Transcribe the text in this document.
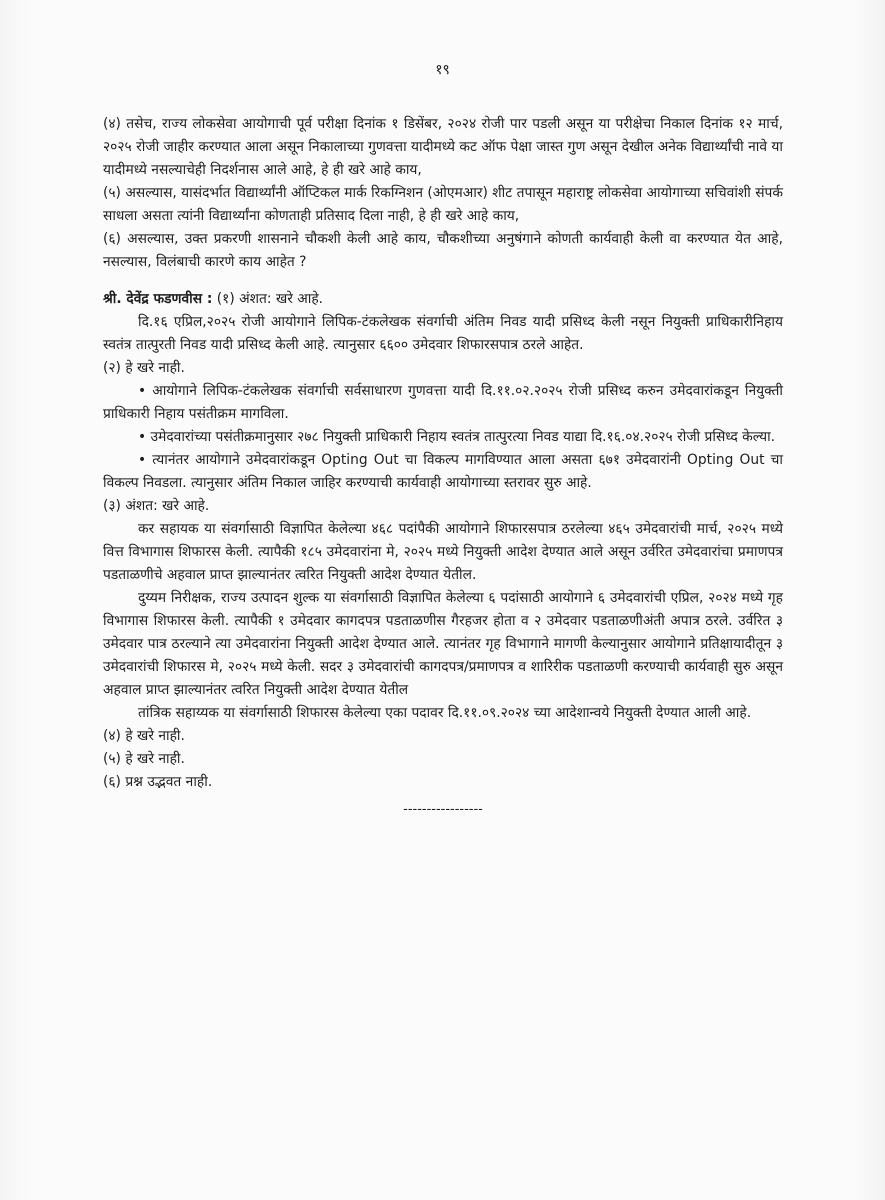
१९

(४) तसेच, राज्य लोकसेवा आयोगाची पूर्व परीक्षा दिनांक १ डिसेंबर, २०२४ रोजी पार पडली असून या परीक्षेचा निकाल दिनांक १२ मार्च, २०२५ रोजी जाहीर करण्यात आला असून निकालाच्या गुणवत्ता यादीमध्ये कट ऑफ पेक्षा जास्त गुण असून देखील अनेक विद्यार्थ्यांची नावे या यादीमध्ये नसल्याचेही निदर्शनास आले आहे, हे ही खरे आहे काय,

(५) असल्यास, यासंदर्भात विद्यार्थ्यांनी ऑप्टिकल मार्क रिकग्निशन (ओएमआर) शीट तपासून महाराष्ट्र लोकसेवा आयोगाच्या सचिवांशी संपर्क साधला असता त्यांनी विद्यार्थ्यांना कोणताही प्रतिसाद दिला नाही, हे ही खरे आहे काय,

(६) असल्यास, उक्त प्रकरणी शासनाने चौकशी केली आहे काय, चौकशीच्या अनुषंगाने कोणती कार्यवाही केली वा करण्यात येत आहे, नसल्यास, विलंबाची कारणे काय आहेत ?

श्री. देवेंद्र फडणवीस : (१) अंशत: खरे आहे.

दि.१६ एप्रिल,२०२५ रोजी आयोगाने लिपिक-टंकलेखक संवर्गाची अंतिम निवड यादी प्रसिध्द केली नसून नियुक्ती प्राधिकारीनिहाय स्वतंत्र तात्पुरती निवड यादी प्रसिध्द केली आहे. त्यानुसार ६६०० उमेदवार शिफारसपात्र ठरले आहेत.

(२) हे खरे नाही.

• आयोगाने लिपिक-टंकलेखक संवर्गाची सर्वसाधारण गुणवत्ता यादी दि.११.०२.२०२५ रोजी प्रसिध्द करुन उमेदवारांकडून नियुक्ती प्राधिकारी निहाय पसंतीक्रम मागविला.

• उमेदवारांच्या पसंतीक्रमानुसार २७८ नियुक्ती प्राधिकारी निहाय स्वतंत्र तात्पुरत्या निवड याद्या दि.१६.०४.२०२५ रोजी प्रसिध्द केल्या.

• त्यानंतर आयोगाने उमेदवारांकडून Opting Out चा विकल्प मागविण्यात आला असता ६७१ उमेदवारांनी Opting Out चा विकल्प निवडला. त्यानुसार अंतिम निकाल जाहिर करण्याची कार्यवाही आयोगाच्या स्तरावर सुरु आहे.

(३) अंशत: खरे आहे.

कर सहायक या संवर्गासाठी विज्ञापित केलेल्या ४६८ पदांपैकी आयोगाने शिफारसपात्र ठरलेल्या ४६५ उमेदवारांची मार्च, २०२५ मध्ये वित्त विभागास शिफारस केली. त्यापैकी १८५ उमेदवारांना मे, २०२५ मध्ये नियुक्ती आदेश देण्यात आले असून उर्वरित उमेदवारांचा प्रमाणपत्र पडताळणीचे अहवाल प्राप्त झाल्यानंतर त्वरित नियुक्ती आदेश देण्यात येतील.

दुय्यम निरीक्षक, राज्य उत्पादन शुल्क या संवर्गासाठी विज्ञापित केलेल्या ६ पदांसाठी आयोगाने ६ उमेदवारांची एप्रिल, २०२४ मध्ये गृह विभागास शिफारस केली. त्यापैकी १ उमेदवार कागदपत्र पडताळणीस गैरहजर होता व २ उमेदवार पडताळणीअंती अपात्र ठरले. उर्वरित ३ उमेदवार पात्र ठरल्याने त्या उमेदवारांना नियुक्ती आदेश देण्यात आले. त्यानंतर गृह विभागाने मागणी केल्यानुसार आयोगाने प्रतिक्षायादीतून ३ उमेदवारांची शिफारस मे, २०२५ मध्ये केली. सदर ३ उमेदवारांची कागदपत्र/प्रमाणपत्र व शारिरीक पडताळणी करण्याची कार्यवाही सुरु असून अहवाल प्राप्त झाल्यानंतर त्वरित नियुक्ती आदेश देण्यात येतील

तांत्रिक सहाय्यक या संवर्गासाठी शिफारस केलेल्या एका पदावर दि.११.०९.२०२४ च्या आदेशान्वये नियुक्ती देण्यात आली आहे.

(४) हे खरे नाही.

(५) हे खरे नाही.

(६) प्रश्न उद्भवत नाही.

-----------------
